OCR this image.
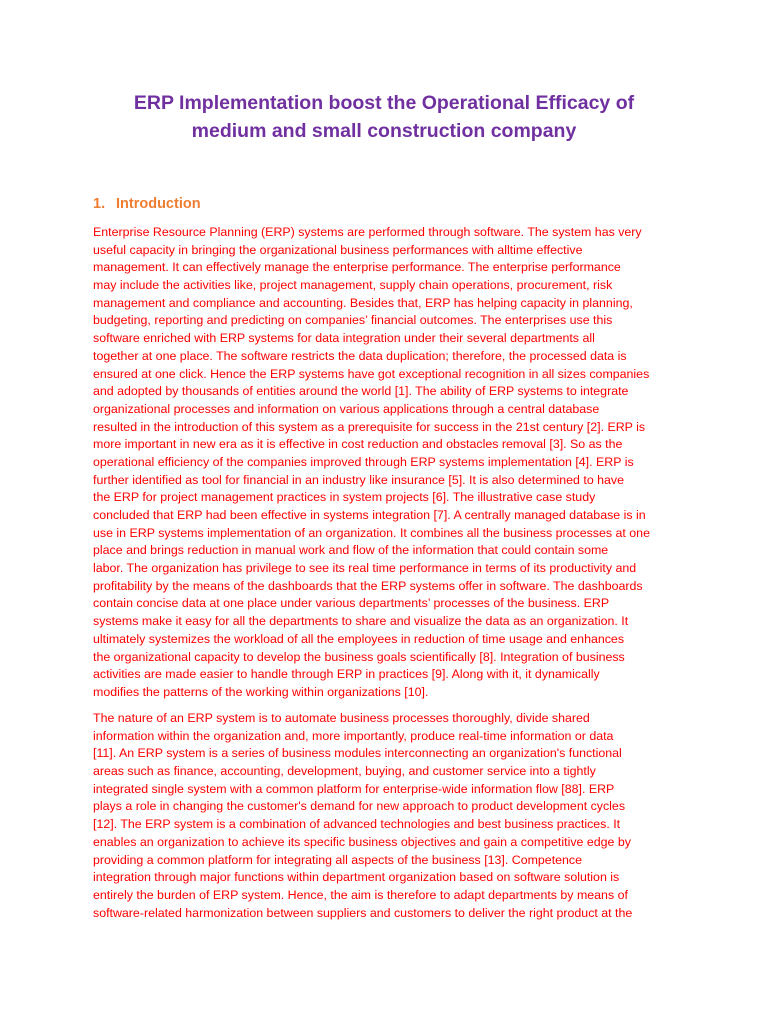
ERP Implementation boost the Operational Efficacy of
medium and small construction company
1. Introduction
Enterprise Resource Planning (ERP) systems are performed through software. The system has very
useful capacity in bringing the organizational business performances with alltime effective
management. It can effectively manage the enterprise performance. The enterprise performance
may include the activities like, project management, supply chain operations, procurement, risk
management and compliance and accounting. Besides that, ERP has helping capacity in planning,
budgeting, reporting and predicting on companies’ financial outcomes. The enterprises use this
software enriched with ERP systems for data integration under their several departments all
together at one place. The software restricts the data duplication; therefore, the processed data is
ensured at one click. Hence the ERP systems have got exceptional recognition in all sizes companies
and adopted by thousands of entities around the world [1]. The ability of ERP systems to integrate
organizational processes and information on various applications through a central database
resulted in the introduction of this system as a prerequisite for success in the 21st century [2]. ERP is
more important in new era as it is effective in cost reduction and obstacles removal [3]. So as the
operational efficiency of the companies improved through ERP systems implementation [4]. ERP is
further identified as tool for financial in an industry like insurance [5]. It is also determined to have
the ERP for project management practices in system projects [6]. The illustrative case study
concluded that ERP had been effective in systems integration [7]. A centrally managed database is in
use in ERP systems implementation of an organization. It combines all the business processes at one
place and brings reduction in manual work and flow of the information that could contain some
labor. The organization has privilege to see its real time performance in terms of its productivity and
profitability by the means of the dashboards that the ERP systems offer in software. The dashboards
contain concise data at one place under various departments’ processes of the business. ERP
systems make it easy for all the departments to share and visualize the data as an organization. It
ultimately systemizes the workload of all the employees in reduction of time usage and enhances
the organizational capacity to develop the business goals scientifically [8]. Integration of business
activities are made easier to handle through ERP in practices [9]. Along with it, it dynamically
modifies the patterns of the working within organizations [10].
The nature of an ERP system is to automate business processes thoroughly, divide shared
information within the organization and, more importantly, produce real-time information or data
[11]. An ERP system is a series of business modules interconnecting an organization's functional
areas such as finance, accounting, development, buying, and customer service into a tightly
integrated single system with a common platform for enterprise-wide information flow [88]. ERP
plays a role in changing the customer's demand for new approach to product development cycles
[12]. The ERP system is a combination of advanced technologies and best business practices. It
enables an organization to achieve its specific business objectives and gain a competitive edge by
providing a common platform for integrating all aspects of the business [13]. Competence
integration through major functions within department organization based on software solution is
entirely the burden of ERP system. Hence, the aim is therefore to adapt departments by means of
software-related harmonization between suppliers and customers to deliver the right product at the
